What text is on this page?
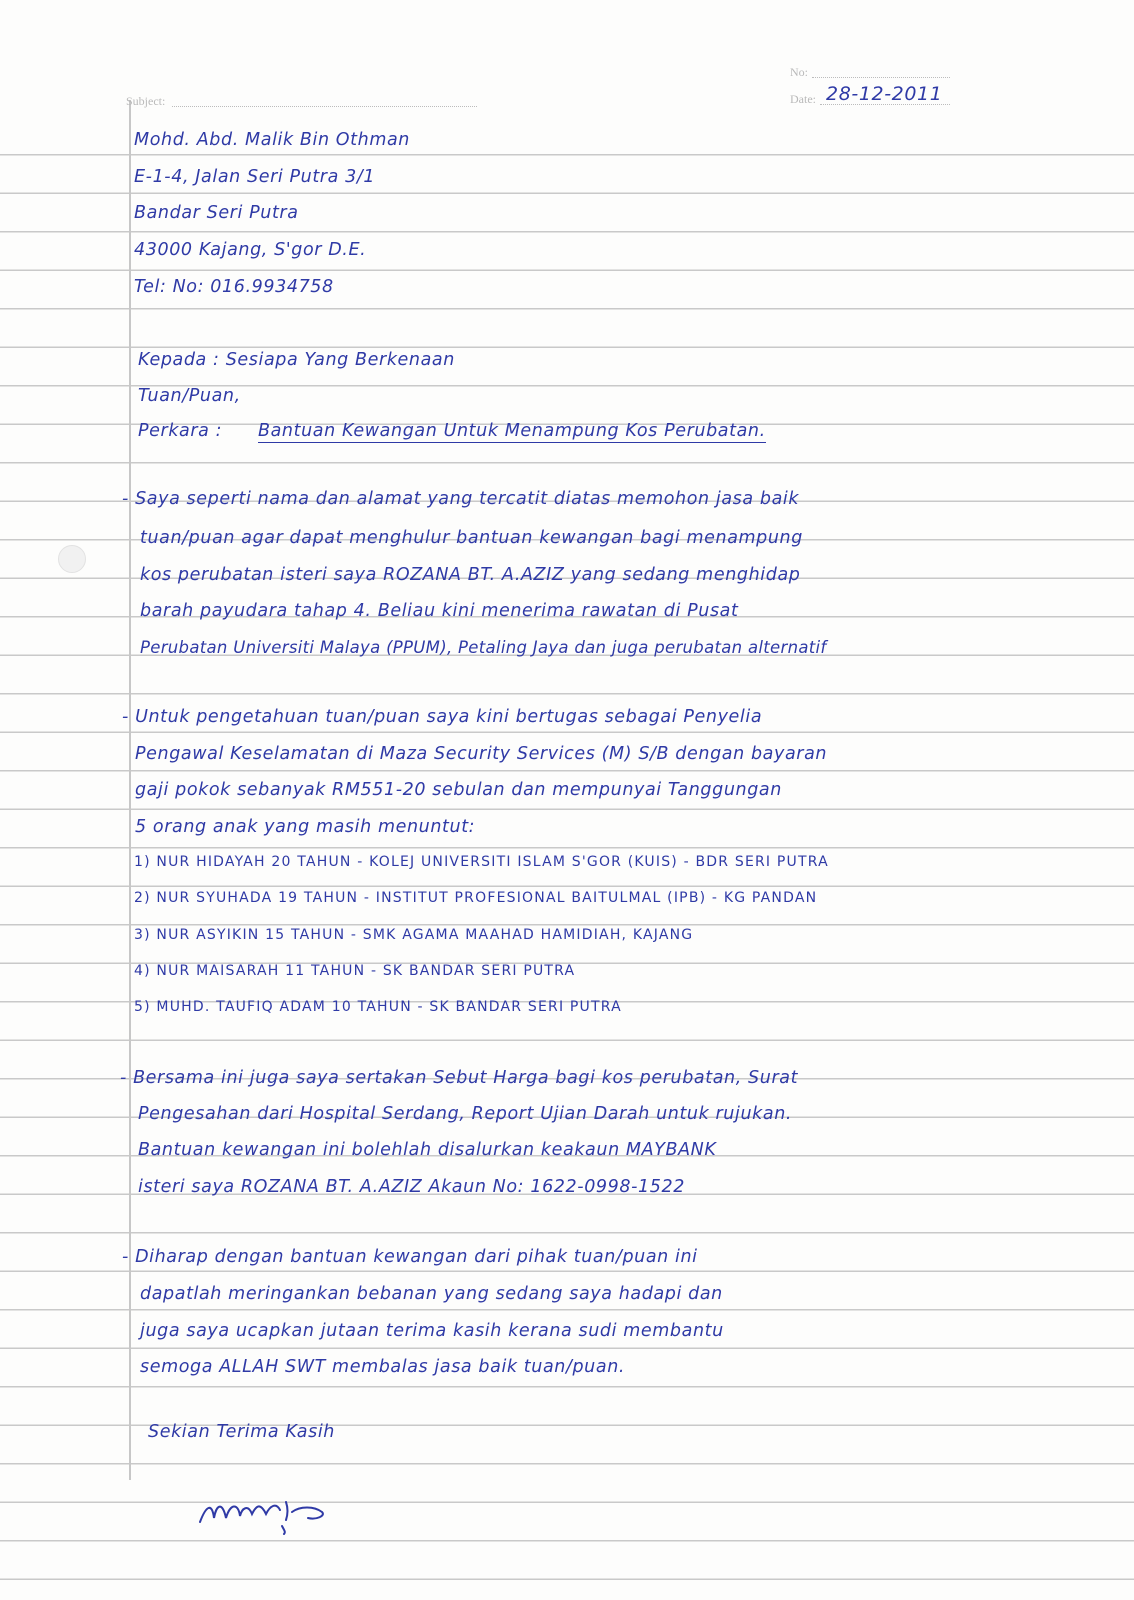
No:
Date:
Subject:	28-12-2011
Mohd. Abd. Malik Bin Othman
E-1-4, Jalan Seri Putra 3/1
Bandar Seri Putra
43000 Kajang, S'gor D.E.
Tel: No: 016.9934758
Kepada : Sesiapa Yang Berkenaan
Tuan/Puan,
Perkara : Bantuan Kewangan Untuk Menampung Kos Perubatan.
- Saya seperti nama dan alamat yang tercatit diatas memohon jasa baik
tuan/puan agar dapat menghulur bantuan kewangan bagi menampung
kos perubatan isteri saya ROZANA BT. A.AZIZ yang sedang menghidap
barah payudara tahap 4. Beliau kini menerima rawatan di Pusat
Perubatan Universiti Malaya (PPUM), Petaling Jaya dan juga perubatan alternatif
- Untuk pengetahuan tuan/puan saya kini bertugas sebagai Penyelia
Pengawal Keselamatan di Maza Security Services (M) S/B dengan bayaran
gaji pokok sebanyak RM551-20 sebulan dan mempunyai Tanggungan
5 orang anak yang masih menuntut:
1) NUR HIDAYAH 20 TAHUN - KOLEJ UNIVERSITI ISLAM S'GOR (KUIS) - BDR SERI PUTRA
2) NUR SYUHADA 19 TAHUN - INSTITUT PROFESIONAL BAITULMAL (IPB) - KG PANDAN
3) NUR ASYIKIN 15 TAHUN - SMK AGAMA MAAHAD HAMIDIAH, KAJANG
4) NUR MAISARAH 11 TAHUN - SK BANDAR SERI PUTRA
5) MUHD. TAUFIQ ADAM 10 TAHUN - SK BANDAR SERI PUTRA
- Bersama ini juga saya sertakan Sebut Harga bagi kos perubatan, Surat
Pengesahan dari Hospital Serdang, Report Ujian Darah untuk rujukan.
Bantuan kewangan ini bolehlah disalurkan keakaun MAYBANK
isteri saya ROZANA BT. A.AZIZ Akaun No: 1622-0998-1522
- Diharap dengan bantuan kewangan dari pihak tuan/puan ini
dapatlah meringankan bebanan yang sedang saya hadapi dan
juga saya ucapkan jutaan terima kasih kerana sudi membantu
semoga ALLAH SWT membalas jasa baik tuan/puan.
Sekian Terima Kasih
